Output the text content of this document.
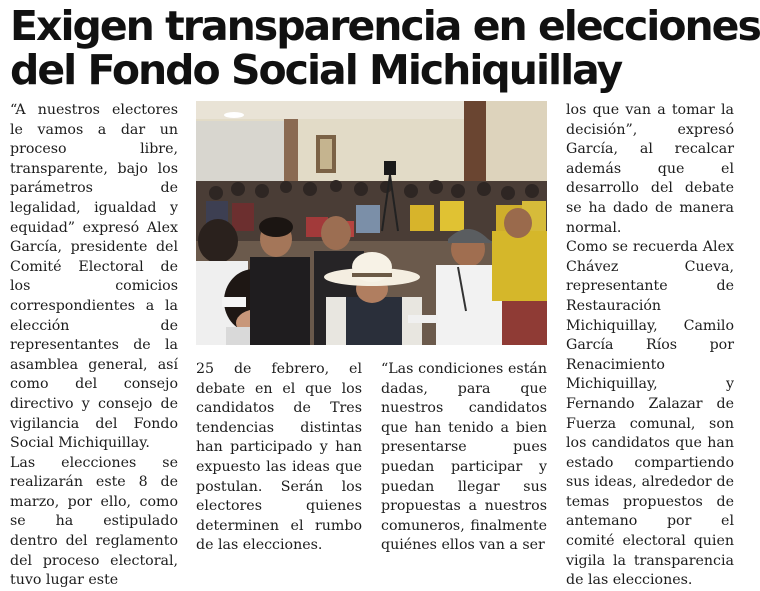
Exigen transparencia en elecciones
del Fondo Social Michiquillay

“A nuestros electores le vamos a dar un proceso libre, transparente, bajo los parámetros de legalidad, igualdad y equidad” expresó Alex García, presidente del Comité Electoral de los comicios correspondientes a la elección de representantes de la asamblea general, así como del consejo directivo y consejo de vigilancia del Fondo Social Michiquillay.

Las elecciones se realizarán este 8 de marzo, por ello, como se ha estipulado dentro del reglamento del proceso electoral, tuvo lugar este

25 de febrero, el debate en el que los candidatos de Tres tendencias distintas han participado y han expuesto las ideas que postulan. Serán los electores quienes determinen el rumbo de las elecciones.

“Las condiciones están dadas, para que nuestros candidatos que han tenido a bien presentarse pues puedan participar y puedan llegar sus propuestas a nuestros comuneros, finalmente quiénes ellos van a ser

los que van a tomar la decisión”, expresó García, al recalcar además que el desarrollo del debate se ha dado de manera normal.

Como se recuerda Alex Chávez Cueva, representante de Restauración Michiquillay, Camilo García Ríos por Renacimiento Michiquillay, y Fernando Zalazar de Fuerza comunal, son los candidatos que han estado compartiendo sus ideas, alrededor de temas propuestos de antemano por el comité electoral quien vigila la transparencia de las elecciones.
